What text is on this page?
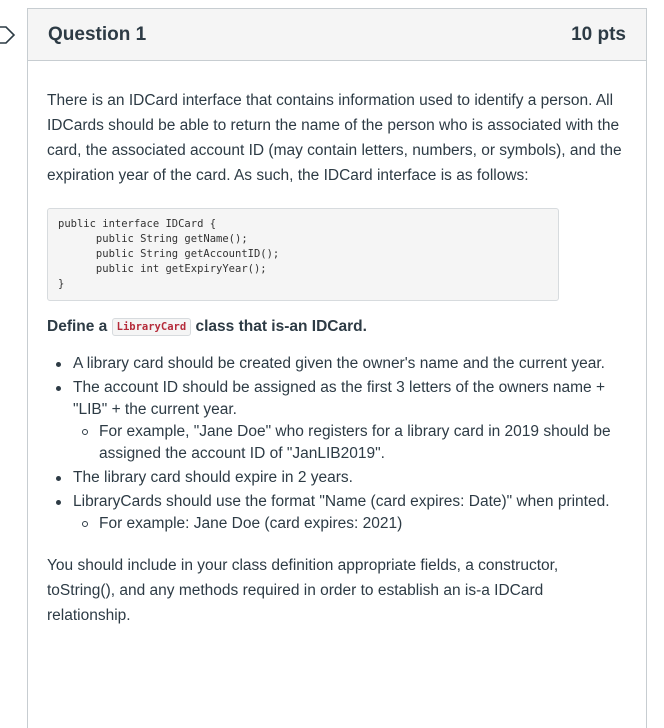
Question 1	10 pts

There is an IDCard interface that contains information used to identify a person. All IDCards should be able to return the name of the person who is associated with the card, the associated account ID (may contain letters, numbers, or symbols), and the expiration year of the card. As such, the IDCard interface is as follows:

public interface IDCard {
public String getName();
public String getAccountID();
public int getExpiryYear();
}

Define a LibraryCard class that is-an IDCard.

A library card should be created given the owner's name and the current year.
The account ID should be assigned as the first 3 letters of the owners name + "LIB" + the current year.
For example, "Jane Doe" who registers for a library card in 2019 should be assigned the account ID of "JanLIB2019".
The library card should expire in 2 years.
LibraryCards should use the format "Name (card expires: Date)" when printed.
For example: Jane Doe (card expires: 2021)

You should include in your class definition appropriate fields, a constructor, toString(), and any methods required in order to establish an is-a IDCard relationship.
